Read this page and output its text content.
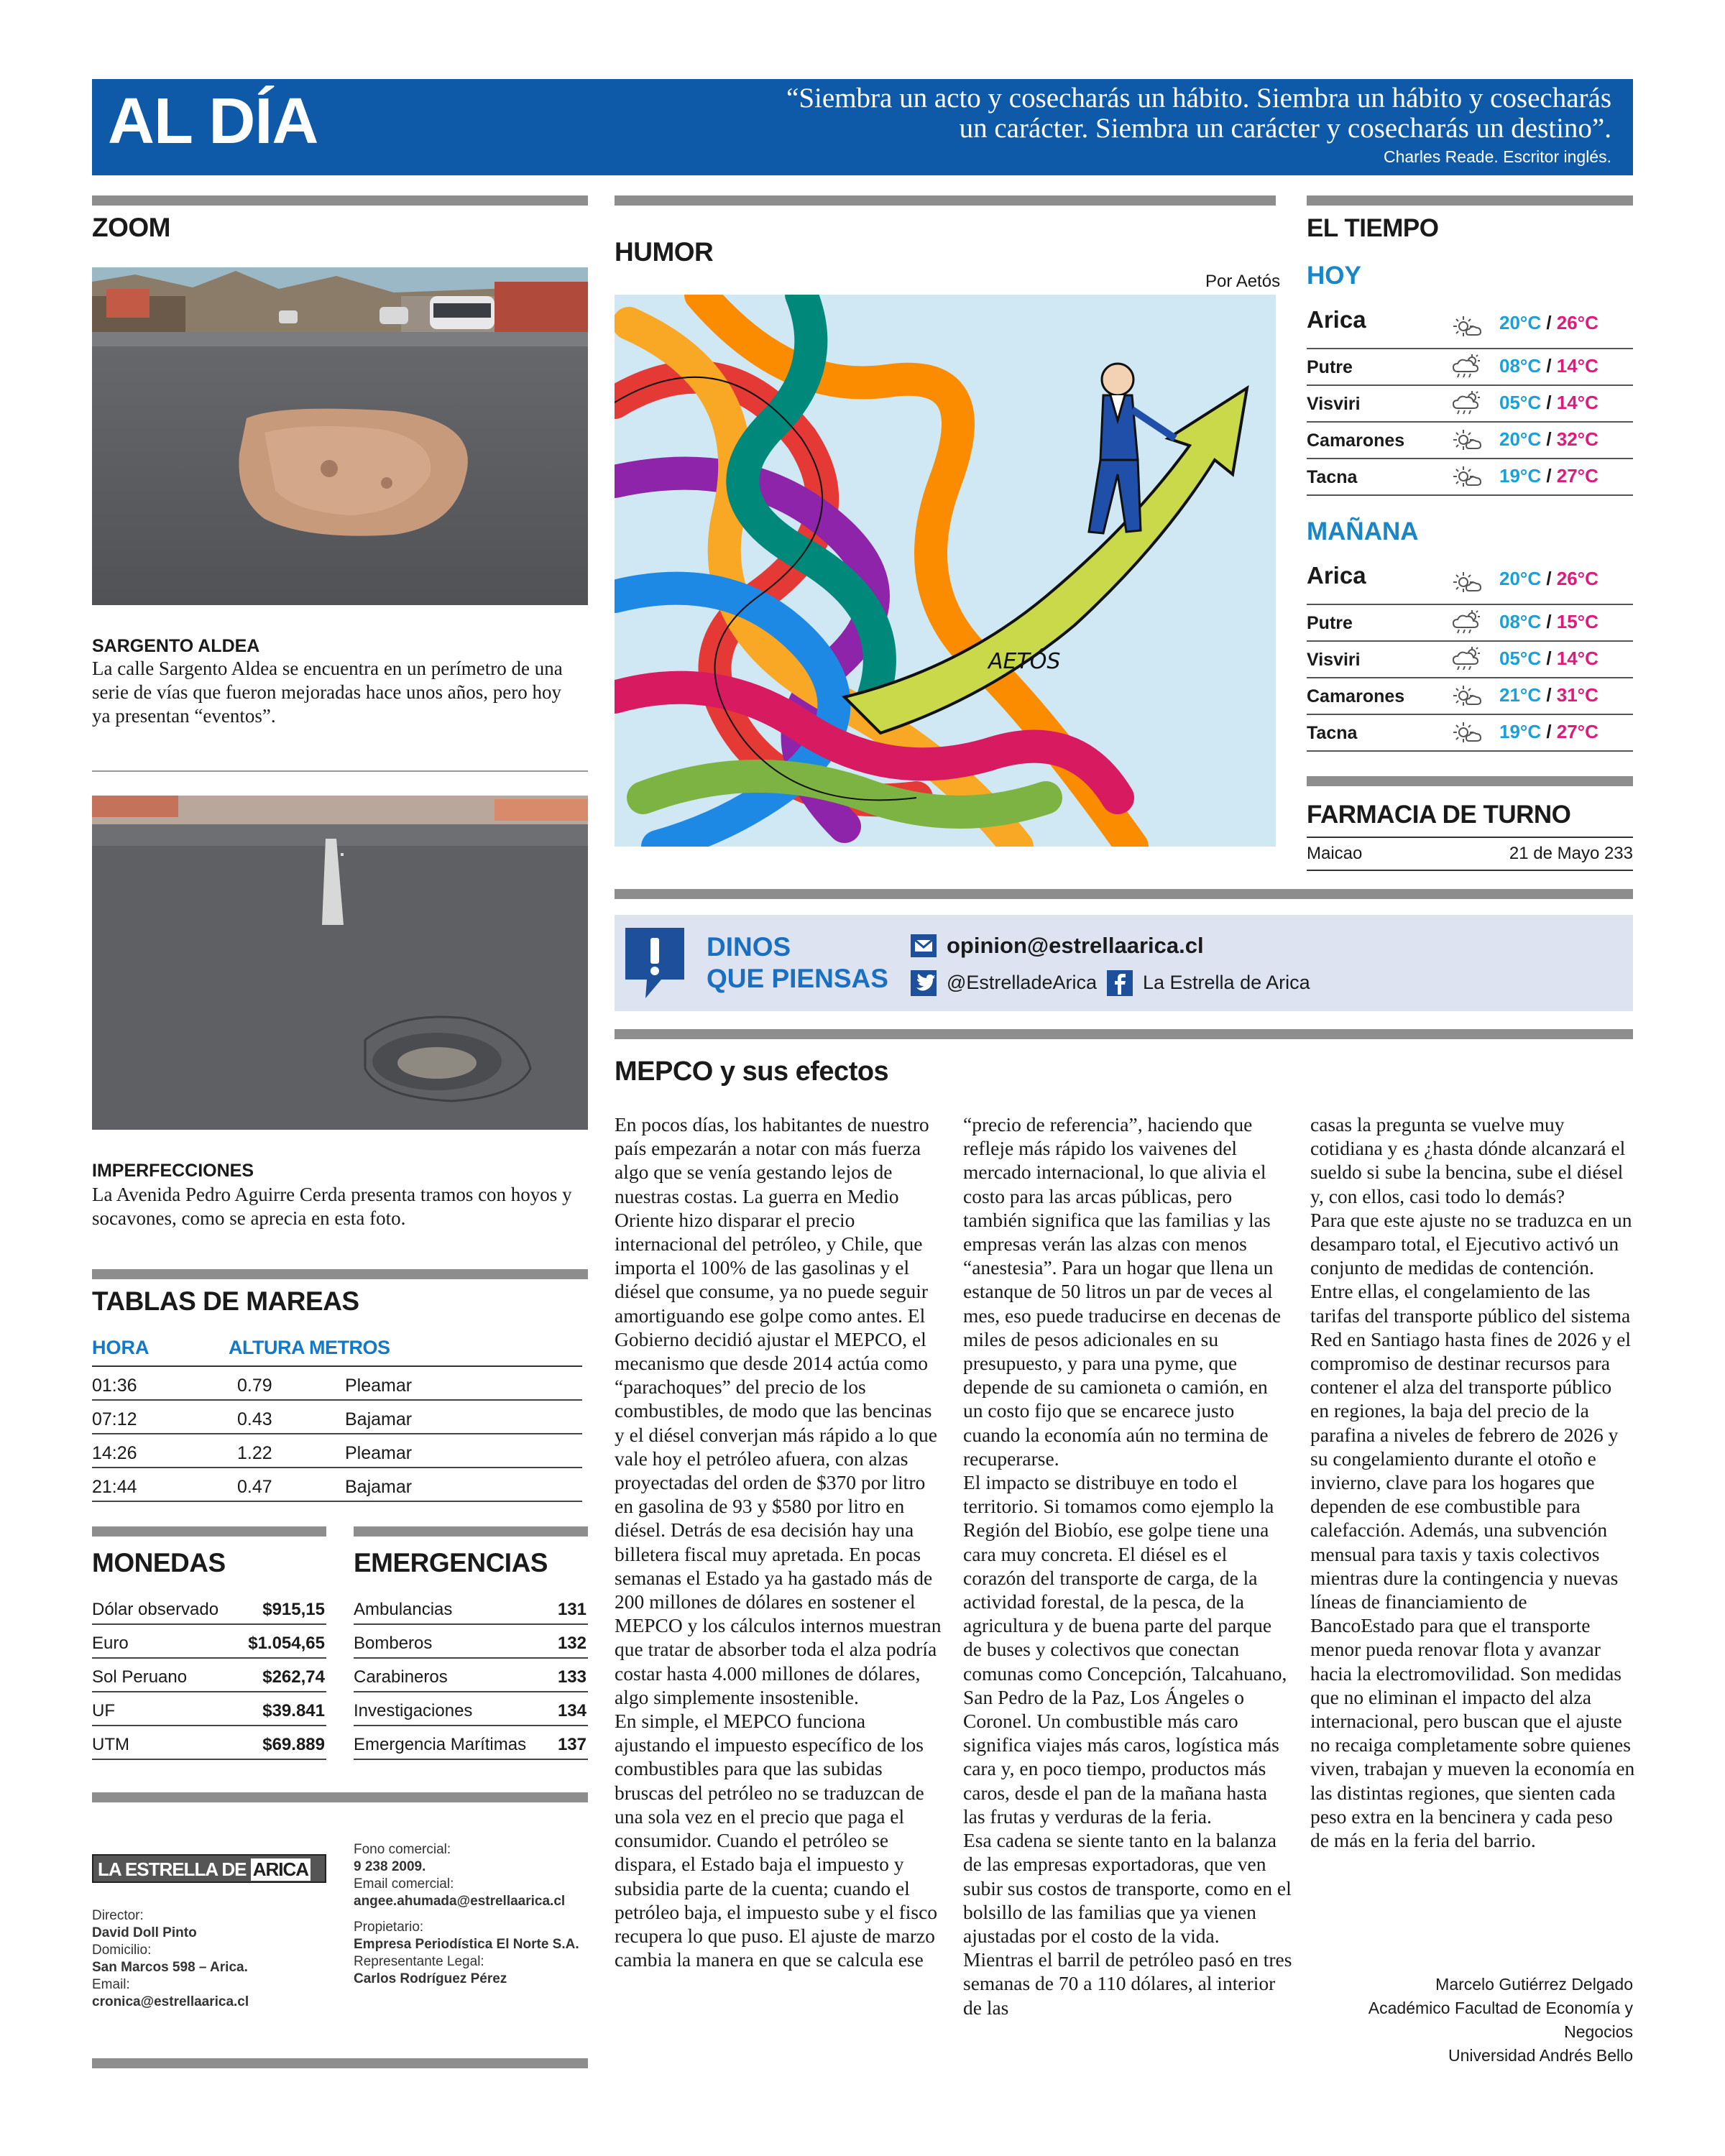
AL DÍA	“Siembra un acto y cosecharás un hábito. Siembra un hábito y cosecharás
un carácter. Siembra un carácter y cosecharás un destino”.
Charles Reade. Escritor inglés.
ZOOM
SARGENTO ALDEA
La calle Sargento Aldea se encuentra en un perímetro de una serie de vías que fueron mejoradas hace unos años, pero hoy ya presentan “eventos”.
IMPERFECCIONES
La Avenida Pedro Aguirre Cerda presenta tramos con hoyos y socavones, como se aprecia en esta foto.
TABLAS DE MAREAS
HORA	ALTURA METROS
01:36	0.79	Pleamar
07:12	0.43	Bajamar
14:26	1.22	Pleamar
21:44	0.47	Bajamar
MONEDAS
Dólar observado	$915,15
Euro	$1.054,65
Sol Peruano	$262,74
UF	$39.841
UTM	$69.889
EMERGENCIAS
Ambulancias	131
Bomberos	132
Carabineros	133
Investigaciones	134
Emergencia Marítimas 137
LA ESTRELLA DE ARICA
Director:
David Doll Pinto
Domicilio:
San Marcos 598 – Arica.
Email:
cronica@estrellaarica.cl
Fono comercial:
9 238 2009.
Email comercial:
angee.ahumada@estrellaarica.cl
Propietario:
Empresa Periodística El Norte S.A.
Representante Legal:
Carlos Rodríguez Pérez
HUMOR
Por Aetós
AETÓS
DINOS
QUE PIENSAS
opinion@estrellaarica.cl
@EstrelladeArica La Estrella de Arica
MEPCO y sus efectos

En pocos días, los habitantes de nuestro país empezarán a notar con más fuerza algo que se venía gestando lejos de nuestras costas. La guerra en Medio Oriente hizo disparar el precio internacional del petróleo, y Chile, que importa el 100% de las gasolinas y el diésel que consume, ya no puede seguir amortiguando ese golpe como antes. El Gobierno decidió ajustar el MEPCO, el mecanismo que desde 2014 actúa como “parachoques” del precio de los combustibles, de modo que las bencinas y el diésel converjan más rápido a lo que vale hoy el petróleo afuera, con alzas proyectadas del orden de $370 por litro en gasolina de 93 y $580 por litro en diésel. Detrás de esa decisión hay una billetera fiscal muy apretada. En pocas semanas el Estado ya ha gastado más de 200 millones de dólares en sostener el MEPCO y los cálculos internos muestran que tratar de absorber toda el alza podría costar hasta 4.000 millones de dólares, algo simplemente insostenible.
En simple, el MEPCO funciona ajustando el impuesto específico de los combustibles para que las subidas bruscas del petróleo no se traduzcan de una sola vez en el precio que paga el consumidor. Cuando el petróleo se dispara, el Estado baja el impuesto y subsidia parte de la cuenta; cuando el petróleo baja, el impuesto sube y el fisco recupera lo que puso. El ajuste de marzo cambia la manera en que se calcula ese

“precio de referencia”, haciendo que refleje más rápido los vaivenes del mercado internacional, lo que alivia el costo para las arcas públicas, pero también significa que las familias y las empresas verán las alzas con menos “anestesia”. Para un hogar que llena un estanque de 50 litros un par de veces al mes, eso puede traducirse en decenas de miles de pesos adicionales en su presupuesto, y para una pyme, que depende de su camioneta o camión, en un costo fijo que se encarece justo cuando la economía aún no termina de recuperarse.
El impacto se distribuye en todo el territorio. Si tomamos como ejemplo la Región del Biobío, ese golpe tiene una cara muy concreta. El diésel es el corazón del transporte de carga, de la actividad forestal, de la pesca, de la agricultura y de buena parte del parque de buses y colectivos que conectan comunas como Concepción, Talcahuano, San Pedro de la Paz, Los Ángeles o Coronel. Un combustible más caro significa viajes más caros, logística más cara y, en poco tiempo, productos más caros, desde el pan de la mañana hasta las frutas y verduras de la feria.
Esa cadena se siente tanto en la balanza de las empresas exportadoras, que ven subir sus costos de transporte, como en el bolsillo de las familias que ya vienen ajustadas por el costo de la vida. Mientras el barril de petróleo pasó en tres semanas de 70 a 110 dólares, al interior de las

casas la pregunta se vuelve muy cotidiana y es ¿hasta dónde alcanzará el sueldo si sube la bencina, sube el diésel y, con ellos, casi todo lo demás?
Para que este ajuste no se traduzca en un desamparo total, el Ejecutivo activó un conjunto de medidas de contención. Entre ellas, el congelamiento de las tarifas del transporte público del sistema Red en Santiago hasta fines de 2026 y el compromiso de destinar recursos para contener el alza del transporte público en regiones, la baja del precio de la parafina a niveles de febrero de 2026 y su congelamiento durante el otoño e invierno, clave para los hogares que dependen de ese combustible para calefacción. Además, una subvención mensual para taxis y taxis colectivos mientras dure la contingencia y nuevas líneas de financiamiento de BancoEstado para que el transporte menor pueda renovar flota y avanzar hacia la electromovilidad. Son medidas que no eliminan el impacto del alza internacional, pero buscan que el ajuste no recaiga completamente sobre quienes viven, trabajan y mueven la economía en las distintas regiones, que sienten cada peso extra en la bencinera y cada peso de más en la feria del barrio.

Marcelo Gutiérrez Delgado
Académico Facultad de Economía y
Negocios
Universidad Andrés Bello
EL TIEMPO
HOY
Arica	20°C / 26°C
Putre	08°C / 14°C
Visviri	05°C / 14°C
Camarones	20°C / 32°C
Tacna	19°C / 27°C
MAÑANA
Arica	20°C / 26°C
Putre	08°C / 15°C
Visviri	05°C / 14°C
Camarones	21°C / 31°C
Tacna	19°C / 27°C
FARMACIA DE TURNO
Maicao	21 de Mayo 233
